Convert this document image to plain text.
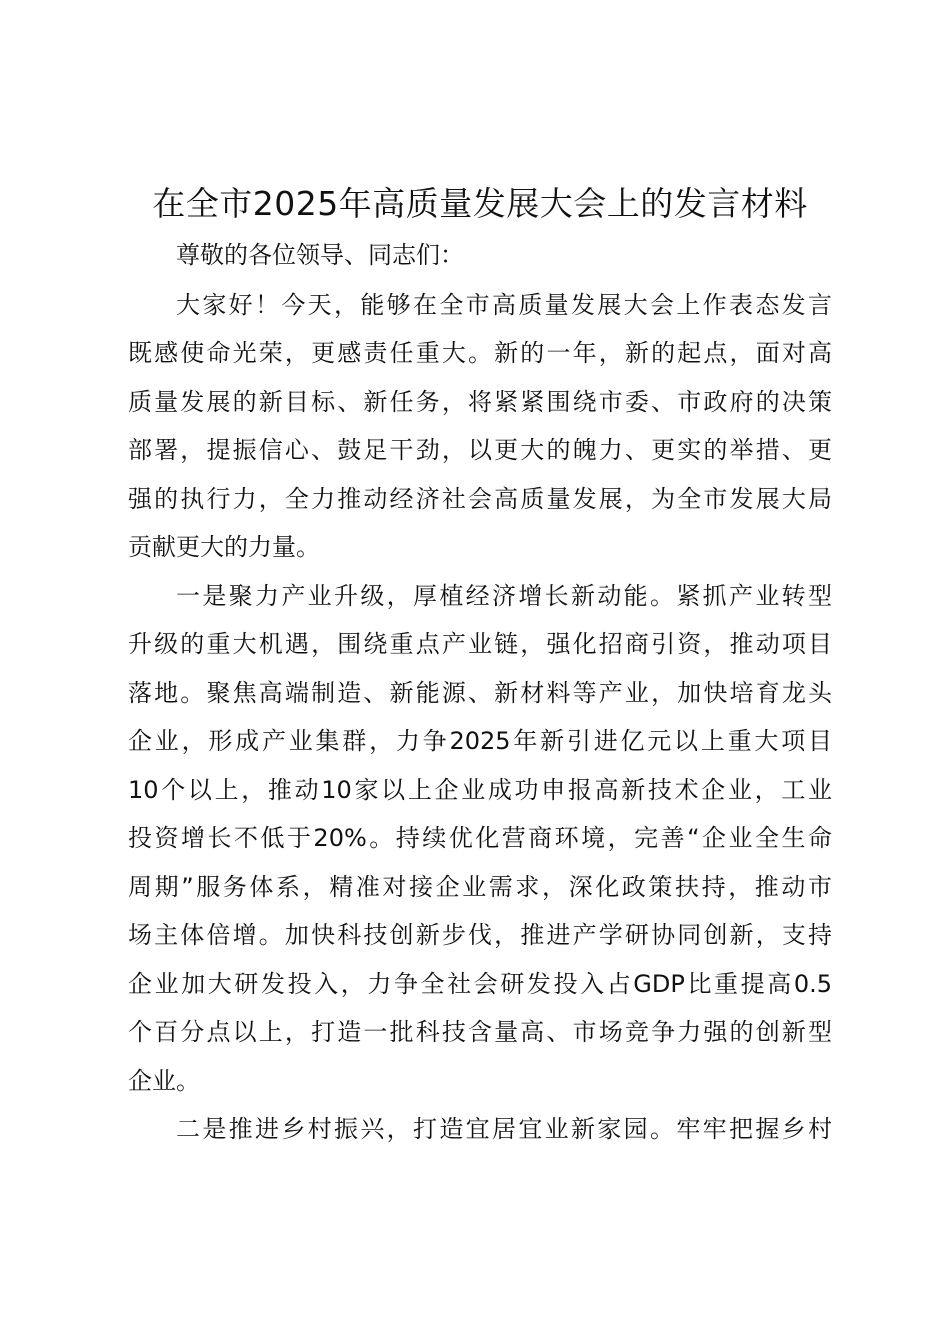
在全市2025年高质量发展大会上的发言材料
尊敬的各位领导、同志们：
大家好！今天，能够在全市高质量发展大会上作表态发言
既感使命光荣，更感责任重大。新的一年，新的起点，面对高
质量发展的新目标、新任务，将紧紧围绕市委、市政府的决策
部署，提振信心、鼓足干劲，以更大的魄力、更实的举措、更
强的执行力，全力推动经济社会高质量发展，为全市发展大局
贡献更大的力量。
一是聚力产业升级，厚植经济增长新动能。紧抓产业转型
升级的重大机遇，围绕重点产业链，强化招商引资，推动项目
落地。聚焦高端制造、新能源、新材料等产业，加快培育龙头
企业，形成产业集群，力争2025年新引进亿元以上重大项目
10个以上，推动10家以上企业成功申报高新技术企业，工业
投资增长不低于20%。持续优化营商环境，完善“企业全生命
周期”服务体系，精准对接企业需求，深化政策扶持，推动市
场主体倍增。加快科技创新步伐，推进产学研协同创新，支持
企业加大研发投入，力争全社会研发投入占GDP比重提高0.5
个百分点以上，打造一批科技含量高、市场竞争力强的创新型
企业。
二是推进乡村振兴，打造宜居宜业新家园。牢牢把握乡村
